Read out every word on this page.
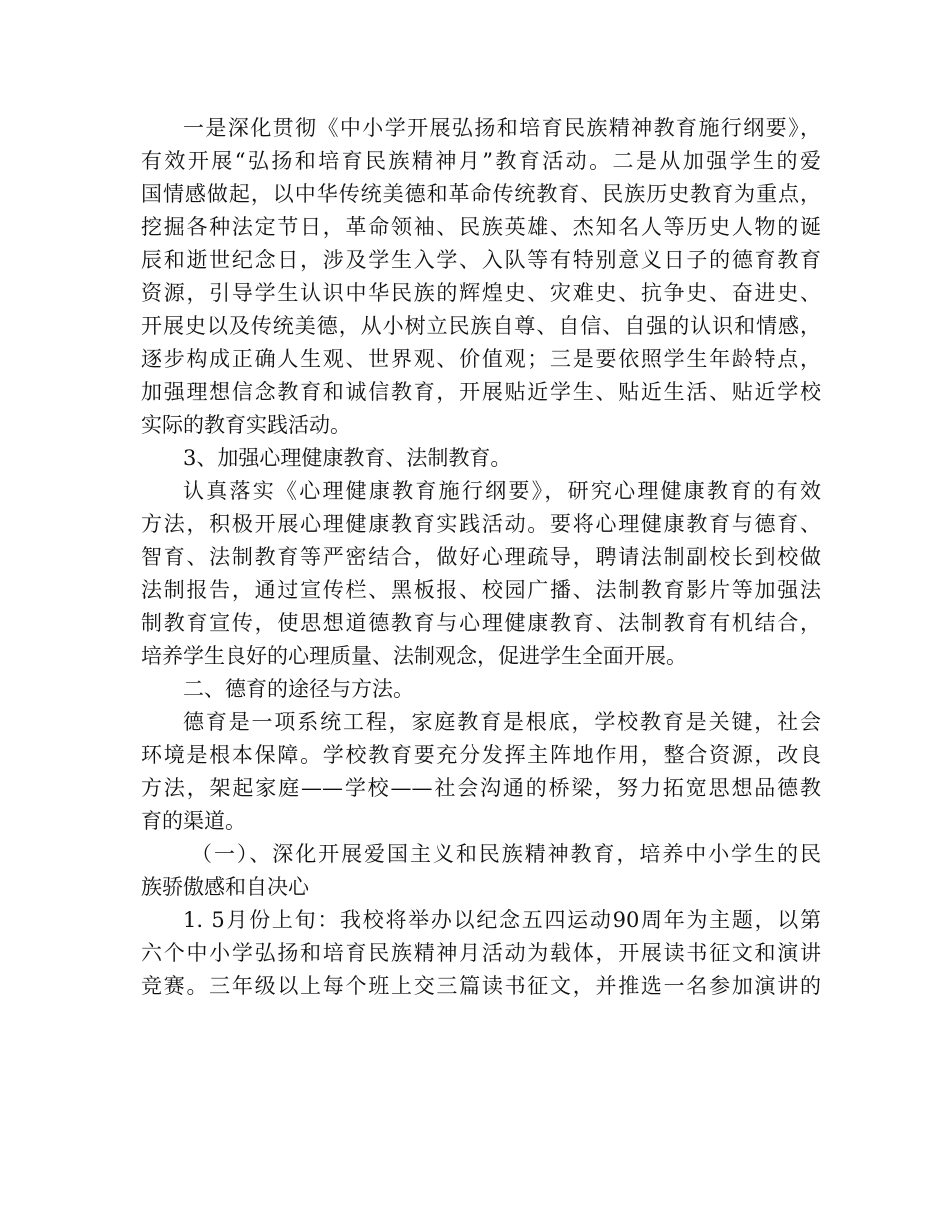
一是深化贯彻《中小学开展弘扬和培育民族精神教育施行纲要》，
有效开展“弘扬和培育民族精神月”教育活动。二是从加强学生的爱
国情感做起，以中华传统美德和革命传统教育、民族历史教育为重点，
挖掘各种法定节日，革命领袖、民族英雄、杰知名人等历史人物的诞
辰和逝世纪念日，涉及学生入学、入队等有特别意义日子的德育教育
资源，引导学生认识中华民族的辉煌史、灾难史、抗争史、奋进史、
开展史以及传统美德，从小树立民族自尊、自信、自强的认识和情感，
逐步构成正确人生观、世界观、价值观；三是要依照学生年龄特点，
加强理想信念教育和诚信教育，开展贴近学生、贴近生活、贴近学校
实际的教育实践活动。
3、加强心理健康教育、法制教育。
认真落实《心理健康教育施行纲要》，研究心理健康教育的有效
方法，积极开展心理健康教育实践活动。要将心理健康教育与德育、
智育、法制教育等严密结合，做好心理疏导，聘请法制副校长到校做
法制报告，通过宣传栏、黑板报、校园广播、法制教育影片等加强法
制教育宣传，使思想道德教育与心理健康教育、法制教育有机结合，
培养学生良好的心理质量、法制观念，促进学生全面开展。
二、德育的途径与方法。
德育是一项系统工程，家庭教育是根底，学校教育是关键，社会
环境是根本保障。学校教育要充分发挥主阵地作用，整合资源，改良
方法，架起家庭——学校——社会沟通的桥梁，努力拓宽思想品德教
育的渠道。
（一）、深化开展爱国主义和民族精神教育，培养中小学生的民
族骄傲感和自决心
1. 5月份上旬：我校将举办以纪念五四运动90周年为主题，以第
六个中小学弘扬和培育民族精神月活动为载体，开展读书征文和演讲
竞赛。三年级以上每个班上交三篇读书征文，并推选一名参加演讲的
